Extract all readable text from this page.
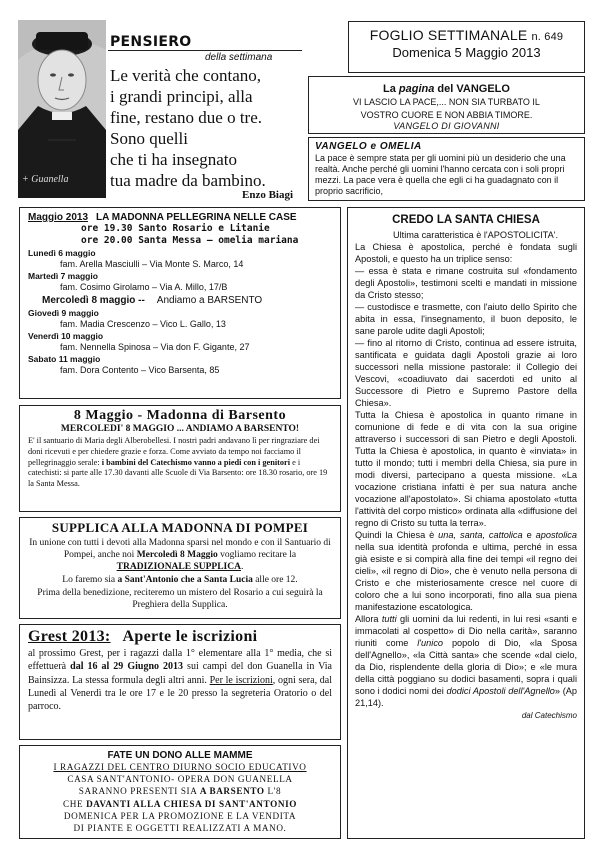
+ Guanella
PENSIERO
della settimana
Le verità che contano,
i grandi principi, alla
fine, restano due o tre.
Sono quelli
che ti ha insegnato
tua madre da bambino.
Enzo Biagi
FOGLIO SETTIMANALE n. 649
Domenica 5 Maggio 2013
La pagina del VANGELO
VI LASCIO LA PACE,... NON SIA TURBATO IL
VOSTRO CUORE E NON ABBIA TIMORE.
VANGELO DI GIOVANNI
VANGELO e OMELIA
La pace è sempre stata per gli uomini più un desiderio che una realtà. Anche perché gli uomini l'hanno cercata con i soli propri mezzi. La pace vera è quella che egli ci ha guadagnato con il proprio sacrificio,
Maggio 2013 LA MADONNA PELLEGRINA NELLE CASE
ore 19.30 Santo Rosario e Litanie
ore 20.00 Santa Messa – omelia mariana
Lunedì 6 maggio
fam. Arella Masciulli – Via Monte S. Marco, 14
Martedì 7 maggio
fam. Cosimo Girolamo – Via A. Millo, 17/B
Mercoledì 8 maggio -- Andiamo a BARSENTO
Giovedì 9 maggio
fam. Madia Crescenzo – Vico L. Gallo, 13
Venerdì 10 maggio
fam. Nennella Spinosa – Via don F. Gigante, 27
Sabato 11 maggio
fam. Dora Contento – Vico Barsenta, 85
8 Maggio - Madonna di Barsento
MERCOLEDI' 8 MAGGIO ... ANDIAMO A BARSENTO!
E' il santuario di Maria degli Alberobellesi. I nostri padri andavano lì per ringraziare dei doni ricevuti e per chiedere grazie e forza. Come avviato da tempo noi facciamo il pellegrinaggio serale: i bambini del Catechismo vanno a piedi con i genitori e i catechisti: si parte alle 17.30 davanti alle Scuole di Via Barsento: ore 18.30 rosario, ore 19 la Santa Messa.
SUPPLICA ALLA MADONNA DI POMPEI
In unione con tutti i devoti alla Madonna sparsi nel mondo e con il Santuario di Pompei, anche noi Mercoledì 8 Maggio vogliamo recitare la TRADIZIONALE SUPPLICA.
Lo faremo sia a Sant'Antonio che a Santa Lucia alle ore 12.
Prima della benedizione, reciteremo un mistero del Rosario a cui seguirà la Preghiera della Supplica.
Grest 2013: Aperte le iscrizioni
al prossimo Grest, per i ragazzi dalla 1° elementare alla 1° media, che si effettuerà dal 16 al 29 Giugno 2013 sui campi del don Guanella in Via Bainsizza. La stessa formula degli altri anni. Per le iscrizioni, ogni sera, dal Lunedì al Venerdì tra le ore 17 e le 20 presso la segreteria Oratorio o del parroco.
FATE UN DONO ALLE MAMME
I RAGAZZI DEL CENTRO DIURNO SOCIO EDUCATIVO
CASA SANT'ANTONIO- OPERA DON GUANELLA
SARANNO PRESENTI SIA A BARSENTO L'8
CHE DAVANTI ALLA CHIESA DI SANT'ANTONIO
DOMENICA PER LA PROMOZIONE E LA VENDITA
DI PIANTE E OGGETTI REALIZZATI A MANO.
CREDO LA SANTA CHIESA

Ultima caratteristica è l'APOSTOLICITA'.

La Chiesa è apostolica, perché è fondata sugli Apostoli, e questo ha un triplice senso:

— essa è stata e rimane costruita sul «fondamento degli Apostoli», testimoni scelti e mandati in missione da Cristo stesso;

— custodisce e trasmette, con l'aiuto dello Spirito che abita in essa, l'insegnamento, il buon deposito, le sane parole udite dagli Apostoli;

— fino al ritorno di Cristo, continua ad essere istruita, santificata e guidata dagli Apostoli grazie ai loro successori nella missione pastorale: il Collegio dei Vescovi, «coadiuvato dai sacerdoti ed unito al Successore di Pietro e Supremo Pastore della Chiesa».

Tutta la Chiesa è apostolica in quanto rimane in comunione di fede e di vita con la sua origine attraverso i successori di san Pietro e degli Apostoli. Tutta la Chiesa è apostolica, in quanto è «inviata» in tutto il mondo; tutti i membri della Chiesa, sia pure in modi diversi, partecipano a questa missione. «La vocazione cristiana infatti è per sua natura anche vocazione all'apostolato». Si chiama apostolato «tutta l'attività del corpo mistico» ordinata alla «diffusione del regno di Cristo su tutta la terra».

Quindi la Chiesa è una, santa, cattolica e apostolica nella sua identità profonda e ultima, perché in essa già esiste e si compirà alla fine dei tempi «il regno dei cieli», «il regno di Dio», che è venuto nella persona di Cristo e che misteriosamente cresce nel cuore di coloro che a lui sono incorporati, fino alla sua piena manifestazione escatologica.

Allora tutti gli uomini da lui redenti, in lui resi «santi e immacolati al cospetto» di Dio nella carità», saranno riuniti come l'unico popolo di Dio, «la Sposa dell'Agnello», «la Città santa» che scende «dal cielo, da Dio, risplendente della gloria di Dio»; e «le mura della città poggiano su dodici basamenti, sopra i quali sono i dodici nomi dei dodici Apostoli dell'Agnello» (Ap 21,14).

dal Catechismo
